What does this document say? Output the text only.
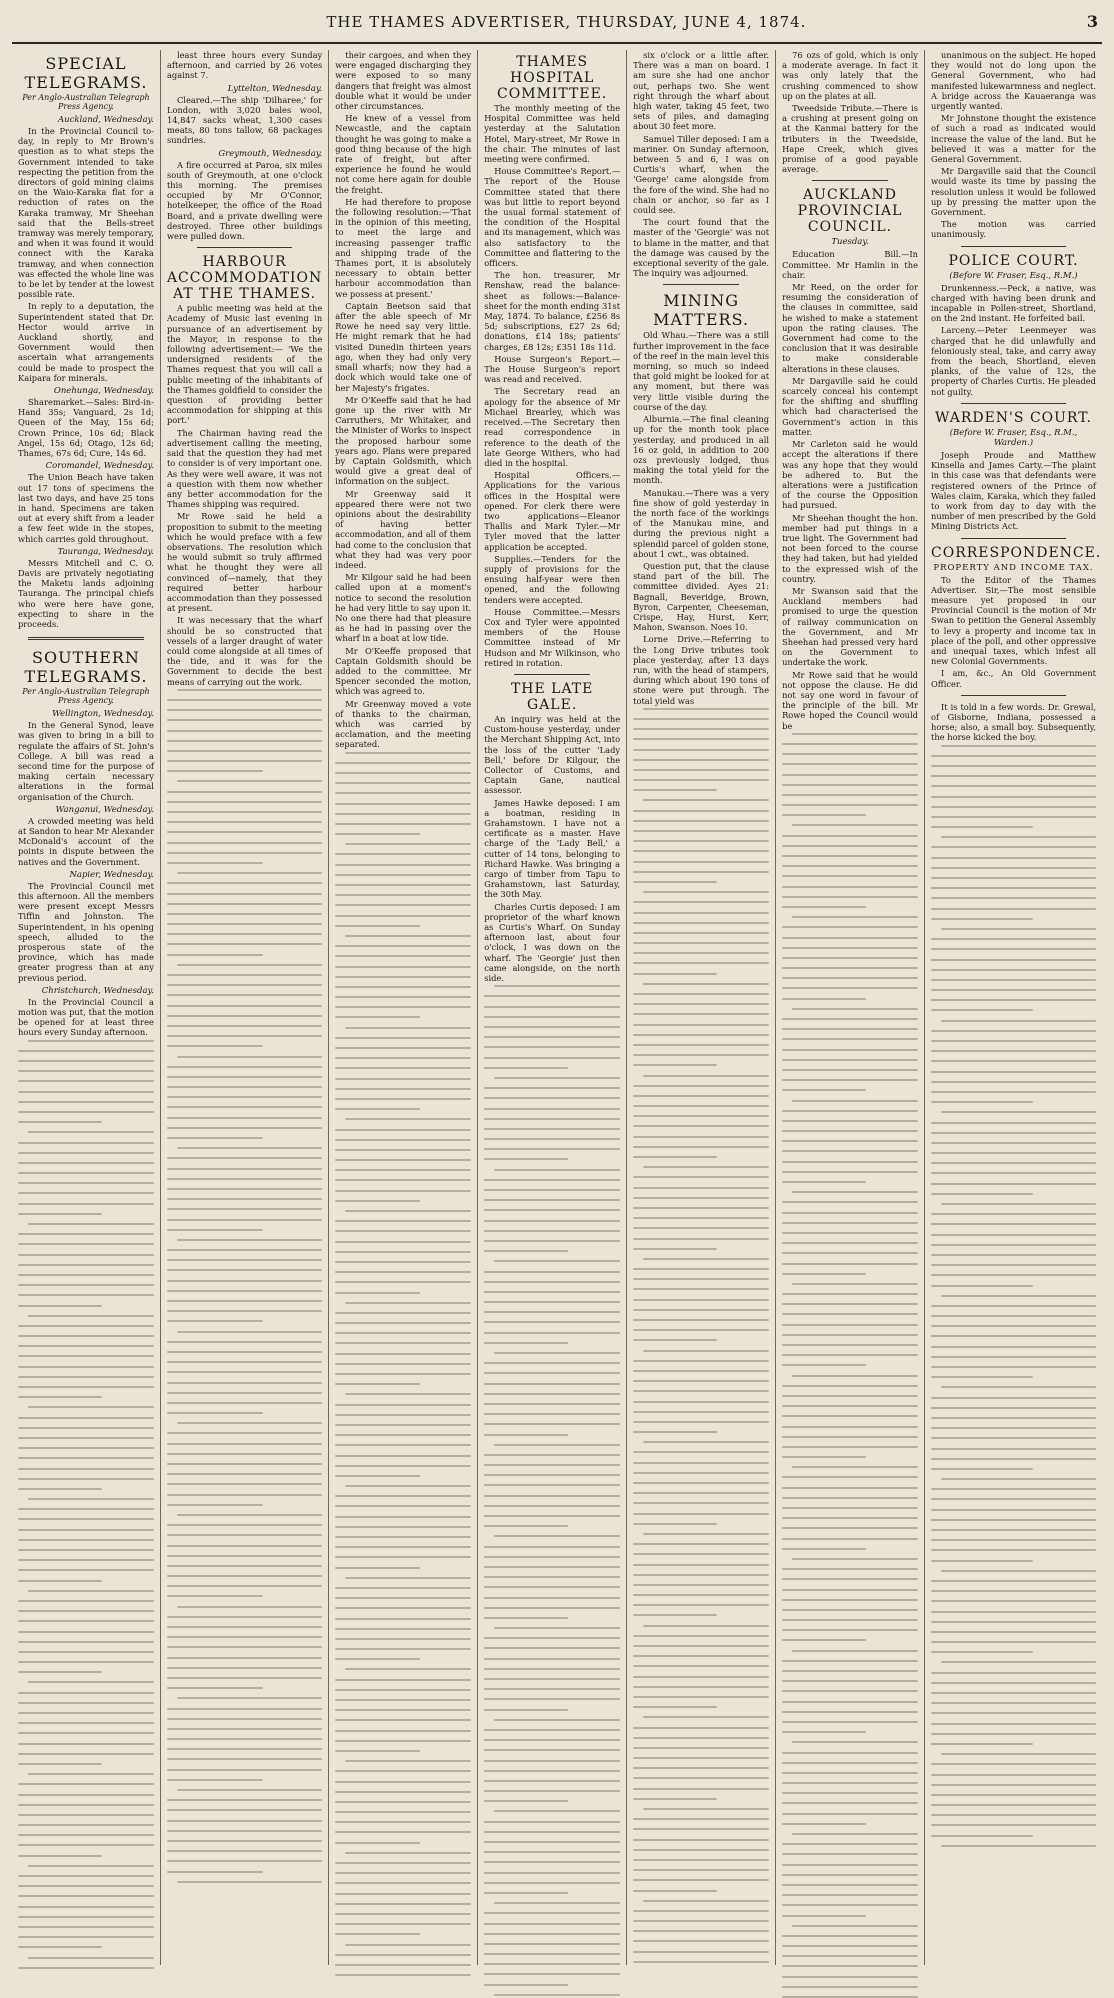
THE THAMES ADVERTISER, THURSDAY, JUNE 4, 1874.	3
SPECIAL TELEGRAMS.
Per Anglo-Australian Telegraph Press Agency.
Auckland, Wednesday.

In the Provincial Council to-day, in reply to Mr Brown's question as to what steps the Government intended to take respecting the petition from the directors of gold mining claims on the Waio-Karaka flat for a reduction of rates on the Karaka tramway, Mr Sheehan said that the Bells-street tramway was merely temporary, and when it was found it would connect with the Karaka tramway, and when connection was effected the whole line was to be let by tender at the lowest possible rate.

In reply to a deputation, the Superintendent stated that Dr. Hector would arrive in Auckland shortly, and Government would then ascertain what arrangements could be made to prospect the Kaipara for minerals.

Onehunga, Wednesday.

Sharemarket.—Sales: Bird-in-Hand 35s; Vanguard, 2s 1d; Queen of the May, 15s 6d; Crown Prince, 10s 6d; Black Angel, 15s 6d; Otago, 12s 6d; Thames, 67s 6d; Cure, 14s 6d.

Coromandel, Wednesday.

The Union Beach have taken out 17 tons of specimens the last two days, and have 25 tons in hand. Specimens are taken out at every shift from a leader a few feet wide in the stopes, which carries gold throughout.

Tauranga, Wednesday.

Messrs Mitchell and C. O. Davis are privately negotiating the Maketu lands adjoining Tauranga. The principal chiefs who were here have gone, expecting to share in the proceeds.

SOUTHERN TELEGRAMS.
Per Anglo-Australian Telegraph Press Agency.
Wellington, Wednesday.

In the General Synod, leave was given to bring in a bill to regulate the affairs of St. John's College. A bill was read a second time for the purpose of making certain necessary alterations in the formal organisation of the Church.

Wanganui, Wednesday.

A crowded meeting was held at Sandon to hear Mr Alexander McDonald's account of the points in dispute between the natives and the Government.

Napier, Wednesday.

The Provincial Council met this afternoon. All the members were present except Messrs Tiffin and Johnston. The Superintendent, in his opening speech, alluded to the prosperous state of the province, which has made greater progress than at any previous period.

Christchurch, Wednesday.

In the Provincial Council a motion was put, that the motion be opened for at least three hours every Sunday afternoon.

least three hours every Sunday afternoon, and carried by 26 votes against 7.

Lyttelton, Wednesday.

Cleared.—The ship 'Dilharee,' for London, with 3,020 bales wool, 14,847 sacks wheat, 1,300 cases meats, 80 tons tallow, 68 packages sundries.

Greymouth, Wednesday.

A fire occurred at Paroa, six miles south of Greymouth, at one o'clock this morning. The premises occupied by Mr O'Connor, hotelkeeper, the office of the Road Board, and a private dwelling were destroyed. Three other buildings were pulled down.

HARBOUR ACCOMMODATION AT THE THAMES.

A public meeting was held at the Academy of Music last evening in pursuance of an advertisement by the Mayor, in response to the following advertisement:— 'We the undersigned residents of the Thames request that you will call a public meeting of the inhabitants of the Thames goldfield to consider the question of providing better accommodation for shipping at this port.'

The Chairman having read the advertisement calling the meeting, said that the question they had met to consider is of very important one. As they were well aware, it was not a question with them now whether any better accommodation for the Thames shipping was required.

Mr Rowe said he held a proposition to submit to the meeting which he would preface with a few observations. The resolution which he would submit so truly affirmed what he thought they were all convinced of—namely, that they required better harbour accommodation than they possessed at present.

It was necessary that the wharf should be so constructed that vessels of a larger draught of water could come alongside at all times of the tide, and it was for the Government to decide the best means of carrying out the work.

their cargoes, and when they were engaged discharging they were exposed to so many dangers that freight was almost double what it would be under other circumstances.

He knew of a vessel from Newcastle, and the captain thought he was going to make a good thing because of the high rate of freight, but after experience he found he would not come here again for double the freight.

He had therefore to propose the following resolution:—'That in the opinion of this meeting, to meet the large and increasing passenger traffic and shipping trade of the Thames port, it is absolutely necessary to obtain better harbour accommodation than we possess at present.'

Captain Beetson said that after the able speech of Mr Rowe he need say very little. He might remark that he had visited Dunedin thirteen years ago, when they had only very small wharfs; now they had a dock which would take one of her Majesty's frigates.

Mr O'Keeffe said that he had gone up the river with Mr Carruthers, Mr Whitaker, and the Minister of Works to inspect the proposed harbour some years ago. Plans were prepared by Captain Goldsmith, which would give a great deal of information on the subject.

Mr Greenway said it appeared there were not two opinions about the desirability of having better accommodation, and all of them had come to the conclusion that what they had was very poor indeed.

Mr Kilgour said he had been called upon at a moment's notice to second the resolution he had very little to say upon it. No one there had that pleasure as he had in passing over the wharf in a boat at low tide.

Mr O'Keeffe proposed that Captain Goldsmith should be added to the committee. Mr Spencer seconded the motion, which was agreed to.

Mr Greenway moved a vote of thanks to the chairman, which was carried by acclamation, and the meeting separated.

THAMES HOSPITAL COMMITTEE.

The monthly meeting of the Hospital Committee was held yesterday at the Salutation Hotel, Mary-street, Mr Rowe in the chair. The minutes of last meeting were confirmed.

House Committee's Report.—The report of the House Committee stated that there was but little to report beyond the usual formal statement of the condition of the Hospital and its management, which was also satisfactory to the Committee and flattering to the officers.

The hon. treasurer, Mr Renshaw, read the balance-sheet as follows:—Balance-sheet for the month ending 31st May, 1874. To balance, £256 8s 5d; subscriptions, £27 2s 6d; donations, £14 18s; patients' charges, £8 12s; £351 18s 11d.

House Surgeon's Report.—The House Surgeon's report was read and received.

The Secretary read an apology for the absence of Mr Michael Brearley, which was received.—The Secretary then read correspondence in reference to the death of the late George Withers, who had died in the hospital.

Hospital Officers.—Applications for the various offices in the Hospital were opened. For clerk there were two applications—Eleanor Thallis and Mark Tyler.—Mr Tyler moved that the latter application be accepted.

Supplies.—Tenders for the supply of provisions for the ensuing half-year were then opened, and the following tenders were accepted.

House Committee.—Messrs Cox and Tyler were appointed members of the House Committee instead of Mr Hudson and Mr Wilkinson, who retired in rotation.

THE LATE GALE.

An inquiry was held at the Custom-house yesterday, under the Merchant Shipping Act, into the loss of the cutter 'Lady Bell,' before Dr Kilgour, the Collector of Customs, and Captain Gane, nautical assessor.

James Hawke deposed: I am a boatman, residing in Grahamstown. I have not a certificate as a master. Have charge of the 'Lady Bell,' a cutter of 14 tons, belonging to Richard Hawke. Was bringing a cargo of timber from Tapu to Grahamstown, last Saturday, the 30th May.

Charles Curtis deposed: I am proprietor of the wharf known as Curtis's Wharf. On Sunday afternoon last, about four o'clock, I was down on the wharf. The 'Georgie' just then came alongside, on the north side.

six o'clock or a little after. There was a man on board. I am sure she had one anchor out, perhaps two. She went right through the wharf about high water, taking 45 feet, two sets of piles, and damaging about 30 feet more.

Samuel Tiller deposed: I am a mariner. On Sunday afternoon, between 5 and 6, I was on Curtis's wharf, when the 'George' came alongside from the fore of the wind. She had no chain or anchor, so far as I could see.

The court found that the master of the 'Georgie' was not to blame in the matter, and that the damage was caused by the exceptional severity of the gale. The inquiry was adjourned.

MINING MATTERS.

Old Whau.—There was a still further improvement in the face of the reef in the main level this morning, so much so indeed that gold might be looked for at any moment, but there was very little visible during the course of the day.

Alburnia.—The final cleaning up for the month took place yesterday, and produced in all 16 oz gold, in addition to 200 ozs previously lodged, thus making the total yield for the month.

Manukau.—There was a very fine show of gold yesterday in the north face of the workings of the Manukau mine, and during the previous night a splendid parcel of golden stone, about 1 cwt., was obtained.

Question put, that the clause stand part of the bill. The committee divided. Ayes 21: Bagnall, Beveridge, Brown, Byron, Carpenter, Cheeseman, Crispe, Hay, Hurst, Kerr, Mahon, Swanson. Noes 10.

Lorne Drive.—Referring to the Long Drive tributes took place yesterday, after 13 days run, with the head of stampers, during which about 190 tons of stone were put through. The total yield was

76 ozs of gold, which is only a moderate average. In fact it was only lately that the crushing commenced to show up on the plates at all.

Tweedside Tribute.—There is a crushing at present going on at the Kanmai battery for the tributers in the Tweedside, Hape Creek, which gives promise of a good payable average.

AUCKLAND PROVINCIAL COUNCIL.
Tuesday.

Education Bill.—In Committee. Mr Hamlin in the chair.

Mr Reed, on the order for resuming the consideration of the clauses in committee, said he wished to make a statement upon the rating clauses. The Government had come to the conclusion that it was desirable to make considerable alterations in these clauses.

Mr Dargaville said he could scarcely conceal his contempt for the shifting and shuffling which had characterised the Government's action in this matter.

Mr Carleton said he would accept the alterations if there was any hope that they would be adhered to. But the alterations were a justification of the course the Opposition had pursued.

Mr Sheehan thought the hon. member had put things in a true light. The Government had not been forced to the course they had taken, but had yielded to the expressed wish of the country.

Mr Swanson said that the Auckland members had promised to urge the question of railway communication on the Government, and Mr Sheehan had pressed very hard on the Government to undertake the work.

Mr Rowe said that he would not oppose the clause. He did not say one word in favour of the principle of the bill. Mr Rowe hoped the Council would be

unanimous on the subject. He hoped they would not do long upon the General Government, who had manifested lukewarmness and neglect. A bridge across the Kauaeranga was urgently wanted.

Mr Johnstone thought the existence of such a road as indicated would increase the value of the land. But he believed it was a matter for the General Government.

Mr Dargaville said that the Council would waste its time by passing the resolution unless it would be followed up by pressing the matter upon the Government.

The motion was carried unanimously.

POLICE COURT.
(Before W. Fraser, Esq., R.M.)

Drunkenness.—Peck, a native, was charged with having been drunk and incapable in Pollen-street, Shortland, on the 2nd instant. He forfeited bail.

Larceny.—Peter Leenmeyer was charged that he did unlawfully and feloniously steal, take, and carry away from the beach, Shortland, eleven planks, of the value of 12s, the property of Charles Curtis. He pleaded not guilty.

WARDEN'S COURT.
(Before W. Fraser, Esq., R.M., Warden.)

Joseph Proude and Matthew Kinsella and James Carty.—The plaint in this case was that defendants were registered owners of the Prince of Wales claim, Karaka, which they failed to work from day to day with the number of men prescribed by the Gold Mining Districts Act.

CORRESPONDENCE.
PROPERTY AND INCOME TAX.

To the Editor of the Thames Advertiser. Sir,—The most sensible measure yet proposed in our Provincial Council is the motion of Mr Swan to petition the General Assembly to levy a property and income tax in place of the poll, and other oppressive and unequal taxes, which infest all new Colonial Governments.

I am, &c., An Old Government Officer.

It is told in a few words. Dr. Grewal, of Gisborne, Indiana, possessed a horse; also, a small boy. Subsequently, the horse kicked the boy.
